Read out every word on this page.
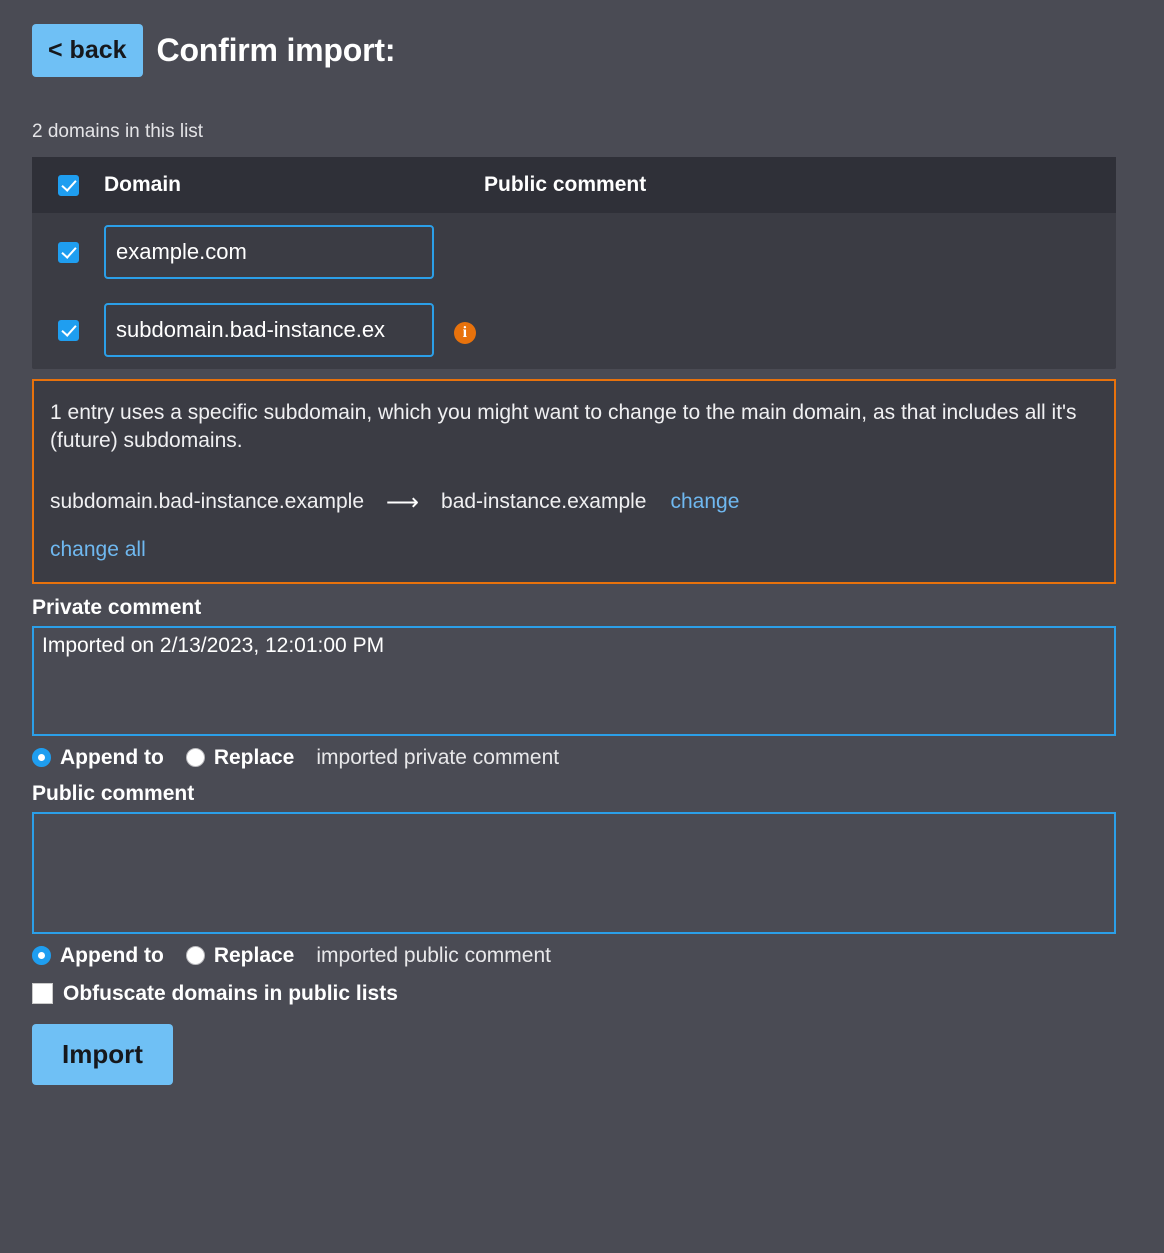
< back Confirm import:
2 domains in this list
Domain	Public comment
example.com
subdomain.bad-instance.ex i
1 entry uses a specific subdomain, which you might want to change to the main domain, as that includes all it's (future) subdomains.
subdomain.bad-instance.example ⟶ bad-instance.example change
change all
Private comment
Imported on 2/13/2023, 12:01:00 PM
Append to Replace imported private comment
Public comment
Append to Replace imported public comment
Obfuscate domains in public lists
Import
